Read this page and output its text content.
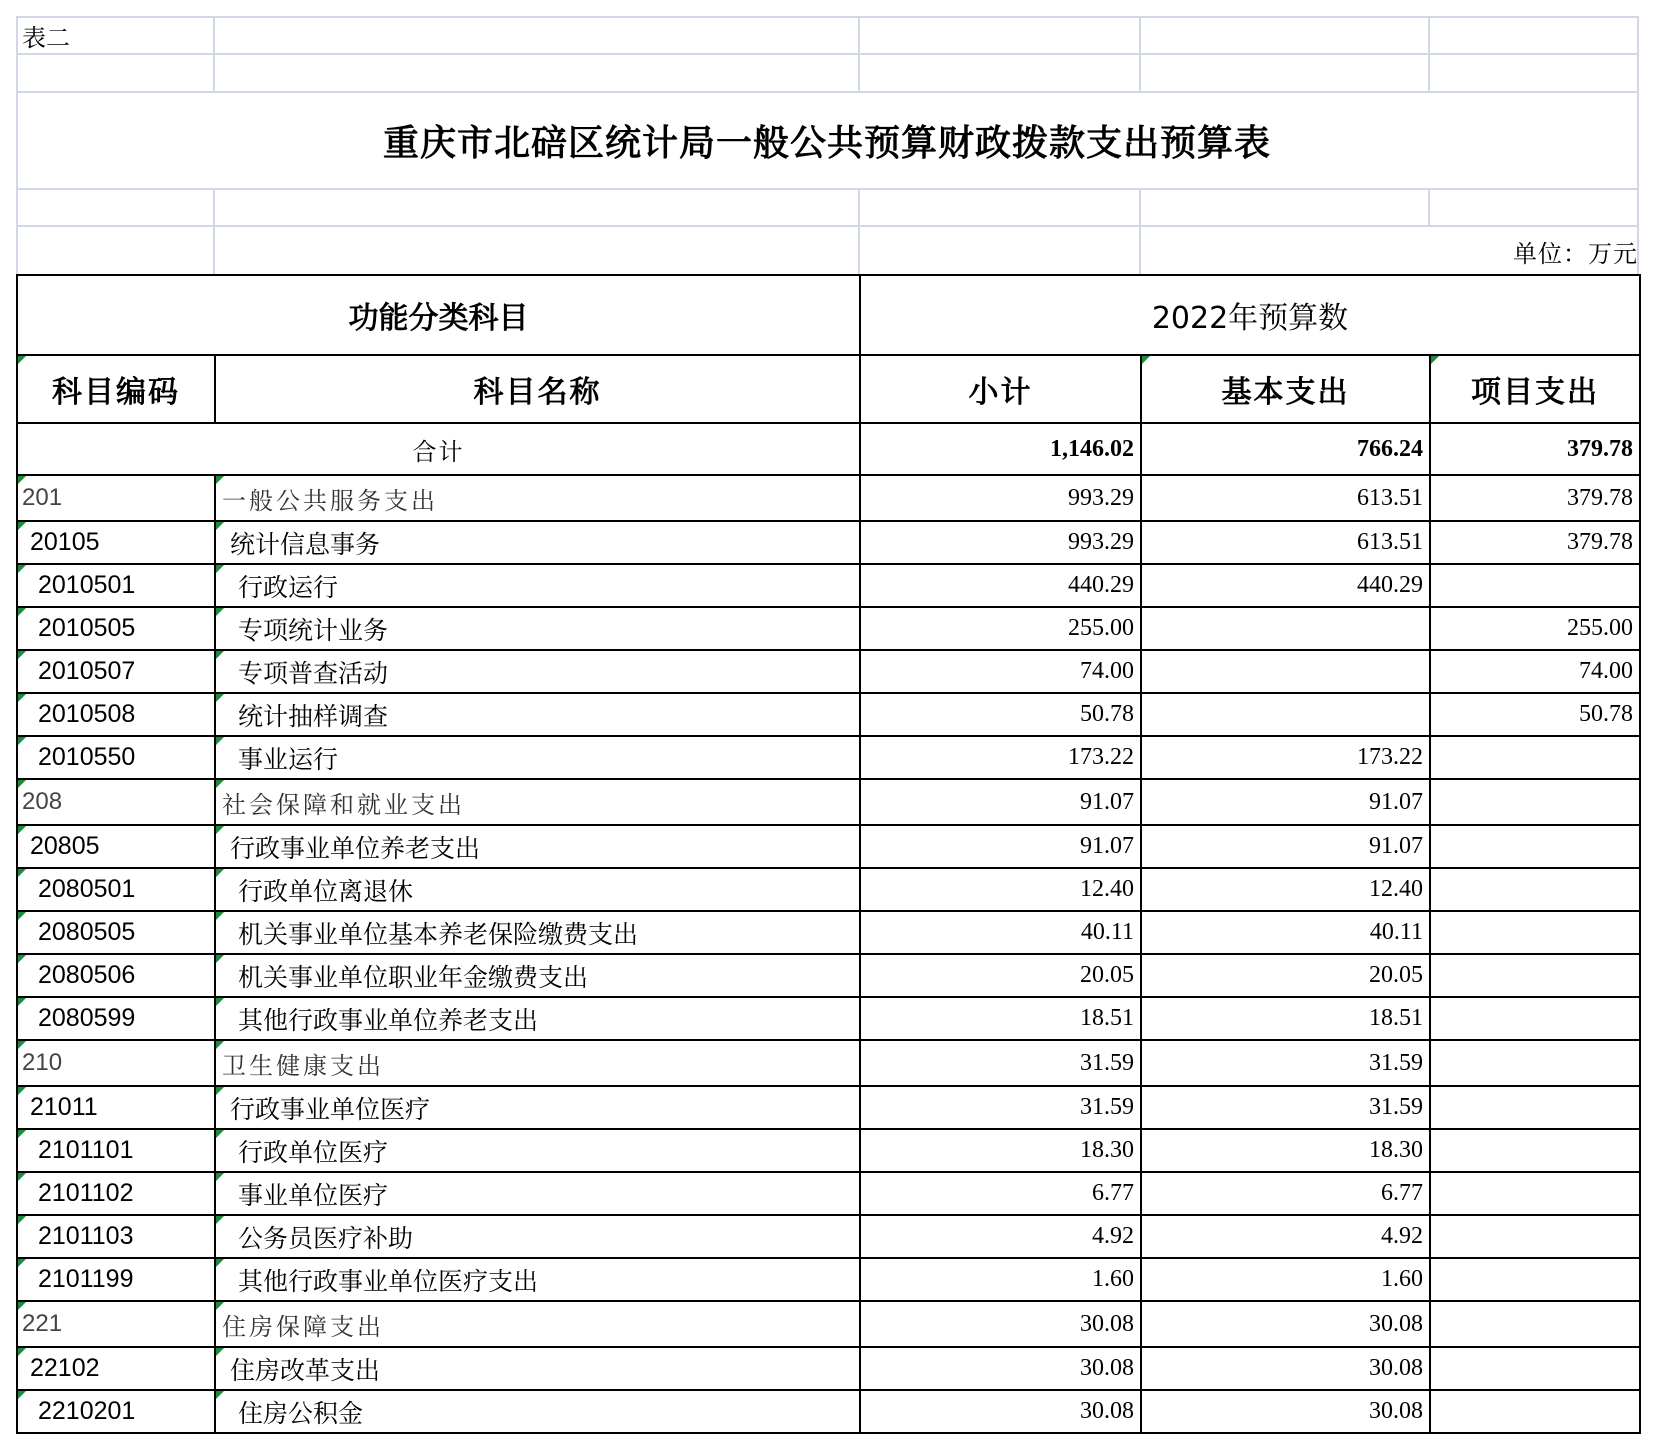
表二
重庆市北碚区统计局一般公共预算财政拨款支出预算表
单位：万元
功能分类科目		2022年预算数		
科目编码	科目名称	小计	基本支出	项目支出
合计		1,146.02	766.24	379.78
201	一般公共服务支出	993.29	613.51	379.78
20105	统计信息事务	993.29	613.51	379.78
2010501	行政运行	440.29	440.29	
2010505	专项统计业务	255.00		255.00
2010507	专项普查活动	74.00		74.00
2010508	统计抽样调查	50.78		50.78
2010550	事业运行	173.22	173.22	
208	社会保障和就业支出	91.07	91.07	
20805	行政事业单位养老支出	91.07	91.07	
2080501	行政单位离退休	12.40	12.40	
2080505	机关事业单位基本养老保险缴费支出	40.11	40.11	
2080506	机关事业单位职业年金缴费支出	20.05	20.05	
2080599	其他行政事业单位养老支出	18.51	18.51	
210	卫生健康支出	31.59	31.59	
21011	行政事业单位医疗	31.59	31.59	
2101101	行政单位医疗	18.30	18.30	
2101102	事业单位医疗	6.77	6.77	
2101103	公务员医疗补助	4.92	4.92	
2101199	其他行政事业单位医疗支出	1.60	1.60	
221	住房保障支出	30.08	30.08	
22102	住房改革支出	30.08	30.08	
2210201	住房公积金	30.08	30.08	
